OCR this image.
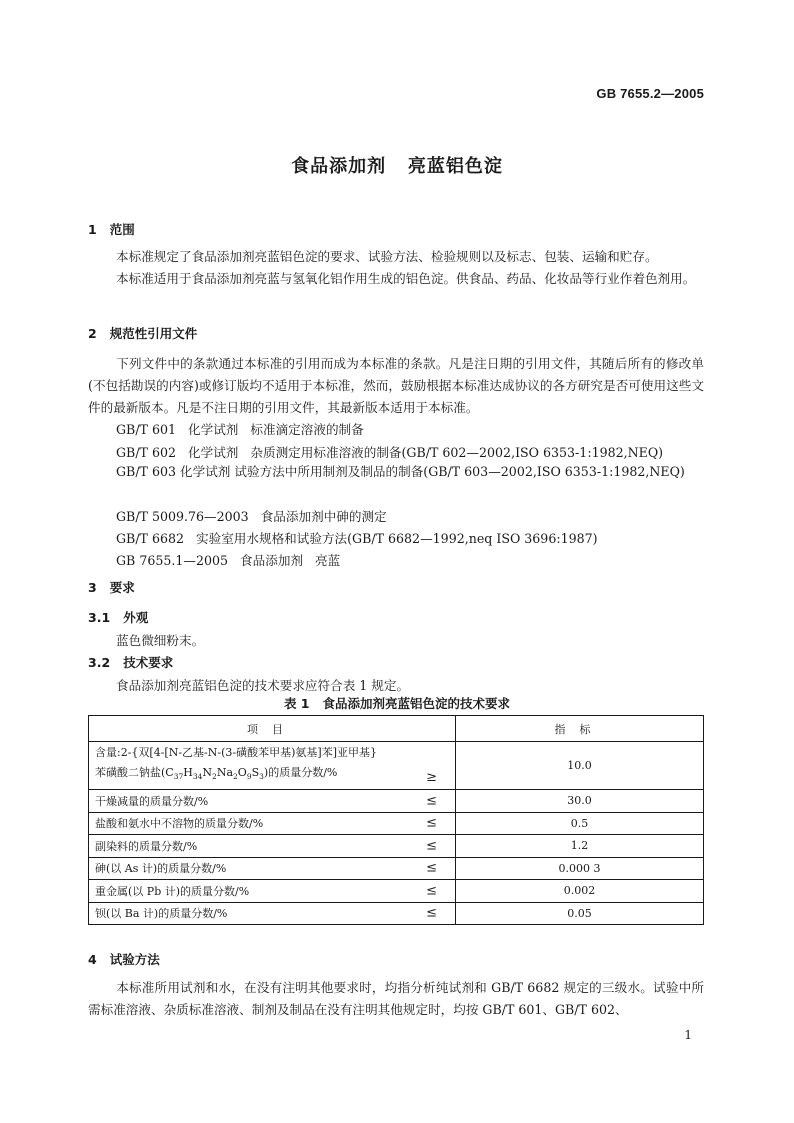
GB 7655.2—2005
食品添加剂   亮蓝铝色淀
1   范围
本标准规定了食品添加剂亮蓝铝色淀的要求、试验方法、检验规则以及标志、包装、运输和贮存。
本标准适用于食品添加剂亮蓝与氢氧化铝作用生成的铝色淀。供食品、药品、化妆品等行业作着色剂用。
2   规范性引用文件
下列文件中的条款通过本标准的引用而成为本标准的条款。凡是注日期的引用文件，其随后所有的修改单(不包括勘误的内容)或修订版均不适用于本标准，然而，鼓励根据本标准达成协议的各方研究是否可使用这些文件的最新版本。凡是不注日期的引用文件，其最新版本适用于本标准。
GB/T 601   化学试剂   标准滴定溶液的制备
GB/T 602   化学试剂   杂质测定用标准溶液的制备(GB/T 602—2002,ISO 6353-1:1982,NEQ)
GB/T 603 化学试剂 试验方法中所用制剂及制品的制备(GB/T 603—2002,ISO 6353-1:1982,NEQ)
GB/T 5009.76—2003   食品添加剂中砷的测定
GB/T 6682   实验室用水规格和试验方法(GB/T 6682—1992,neq ISO 3696:1987)
GB 7655.1—2005   食品添加剂   亮蓝
3   要求
3.1   外观
蓝色微细粉末。
3.2   技术要求
食品添加剂亮蓝铝色淀的技术要求应符合表 1 规定。
表 1   食品添加剂亮蓝铝色淀的技术要求
项目	指标

含量:2-{双[4-[N-乙基-N-(3-磺酸苯甲基)氨基]苯]亚甲基}
苯磺酸二钠盐$(C_{37}H_{34}N_2Na_2O_9S_3)$的质量分数/% ≥	10.0
干燥减量的质量分数/% ≤	30.0
盐酸和氨水中不溶物的质量分数/% ≤	0.5
副染料的质量分数/% ≤	1.2
砷(以 As 计)的质量分数/% ≤	0.000 3
重金属(以 Pb 计)的质量分数/% ≤	0.002
钡(以 Ba 计)的质量分数/% ≤	0.05
4   试验方法
本标准所用试剂和水，在没有注明其他要求时，均指分析纯试剂和 GB/T 6682 规定的三级水。试验中所需标准溶液、杂质标准溶液、制剂及制品在没有注明其他规定时，均按 GB/T 601、GB/T 602、
1
